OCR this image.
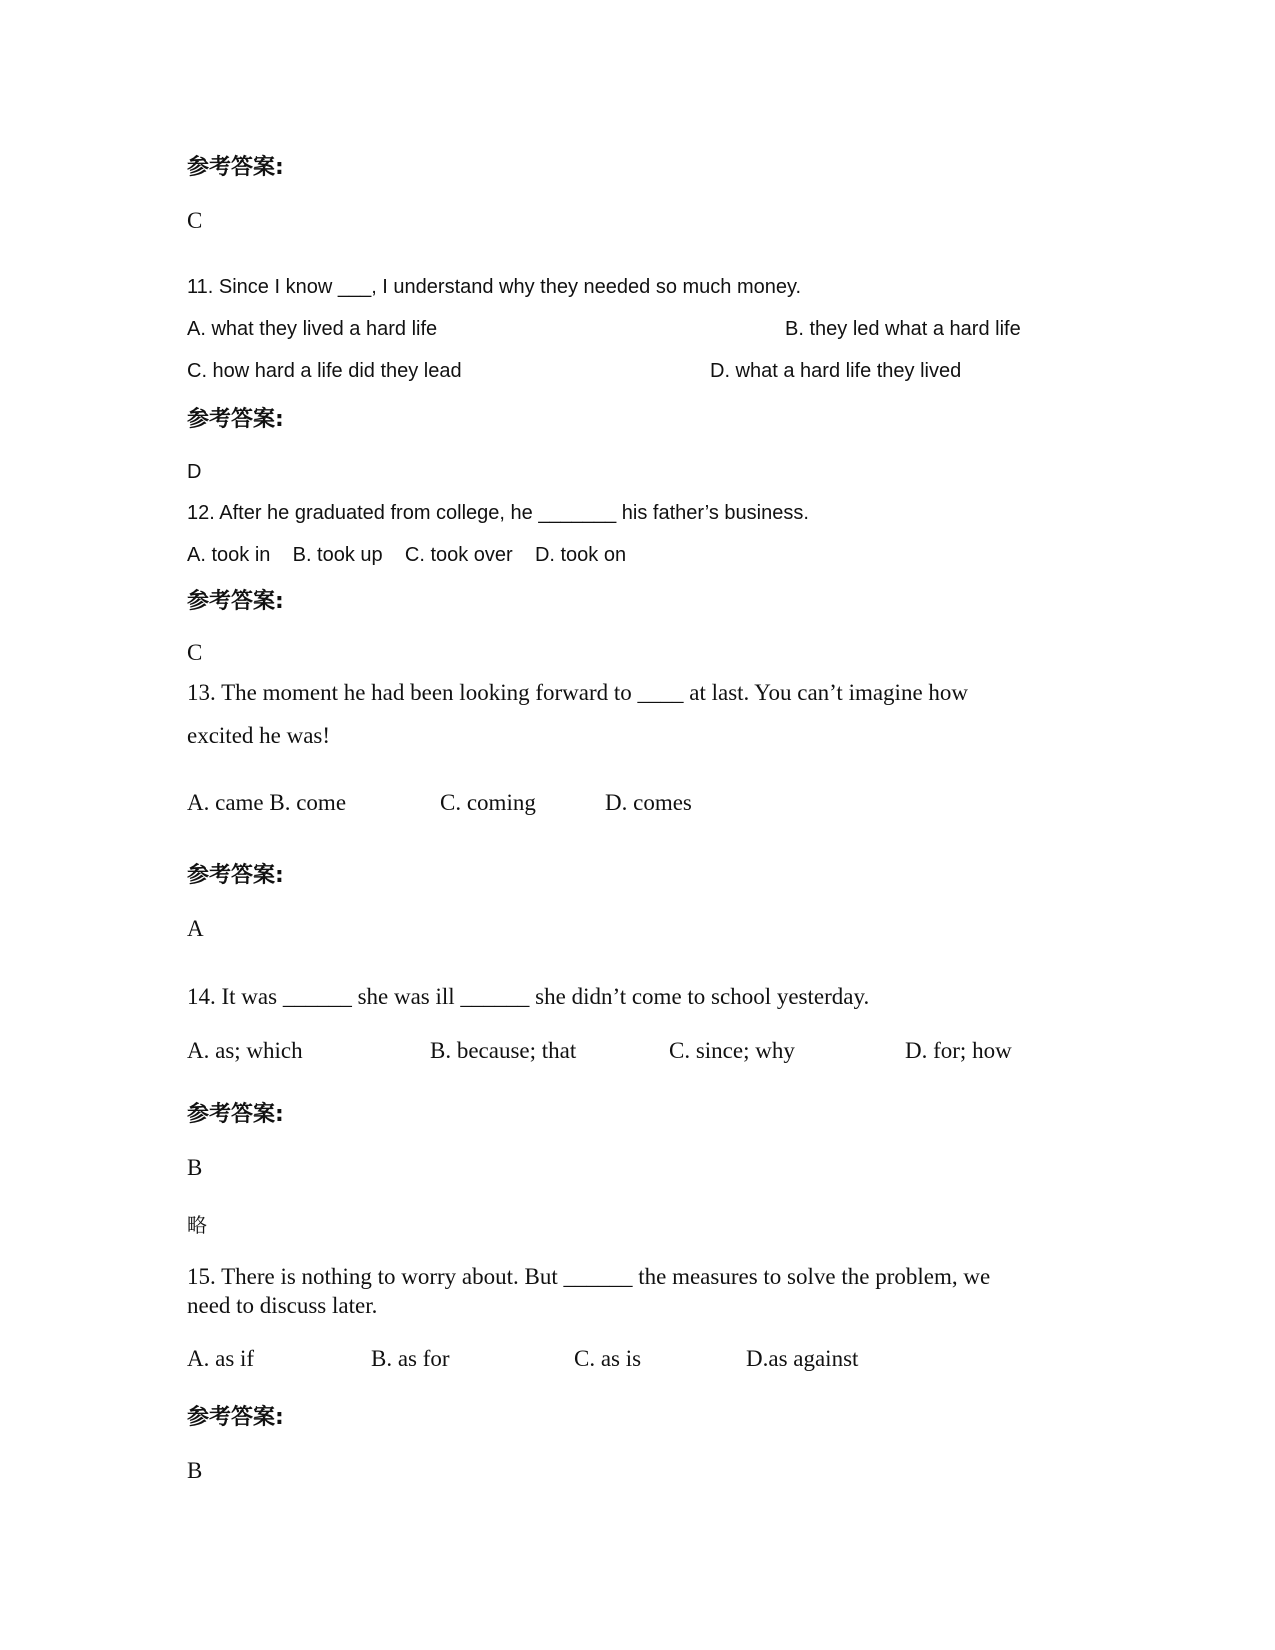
参考答案:
C
11. Since I know ___, I understand why they needed so much money.
A. what they lived a hard life	B. they led what a hard life
C. how hard a life did they lead	D. what a hard life they lived
参考答案:
D
12. After he graduated from college, he _______ his father’s business.
A. took in    B. took up    C. took over    D. took on
参考答案:
C
13. The moment he had been looking forward to ____ at last. You can’t imagine how
excited he was!
A. came B. come	C. coming	D. comes
参考答案:
A
14. It was ______ she was ill ______ she didn’t come to school yesterday.
A. as; which	B. because; that	C. since; why	D. for; how
参考答案:
B
略
15. There is nothing to worry about. But ______ the measures to solve the problem, we
need to discuss later.
A. as if	B. as for	C. as is	D.as against
参考答案:
B
